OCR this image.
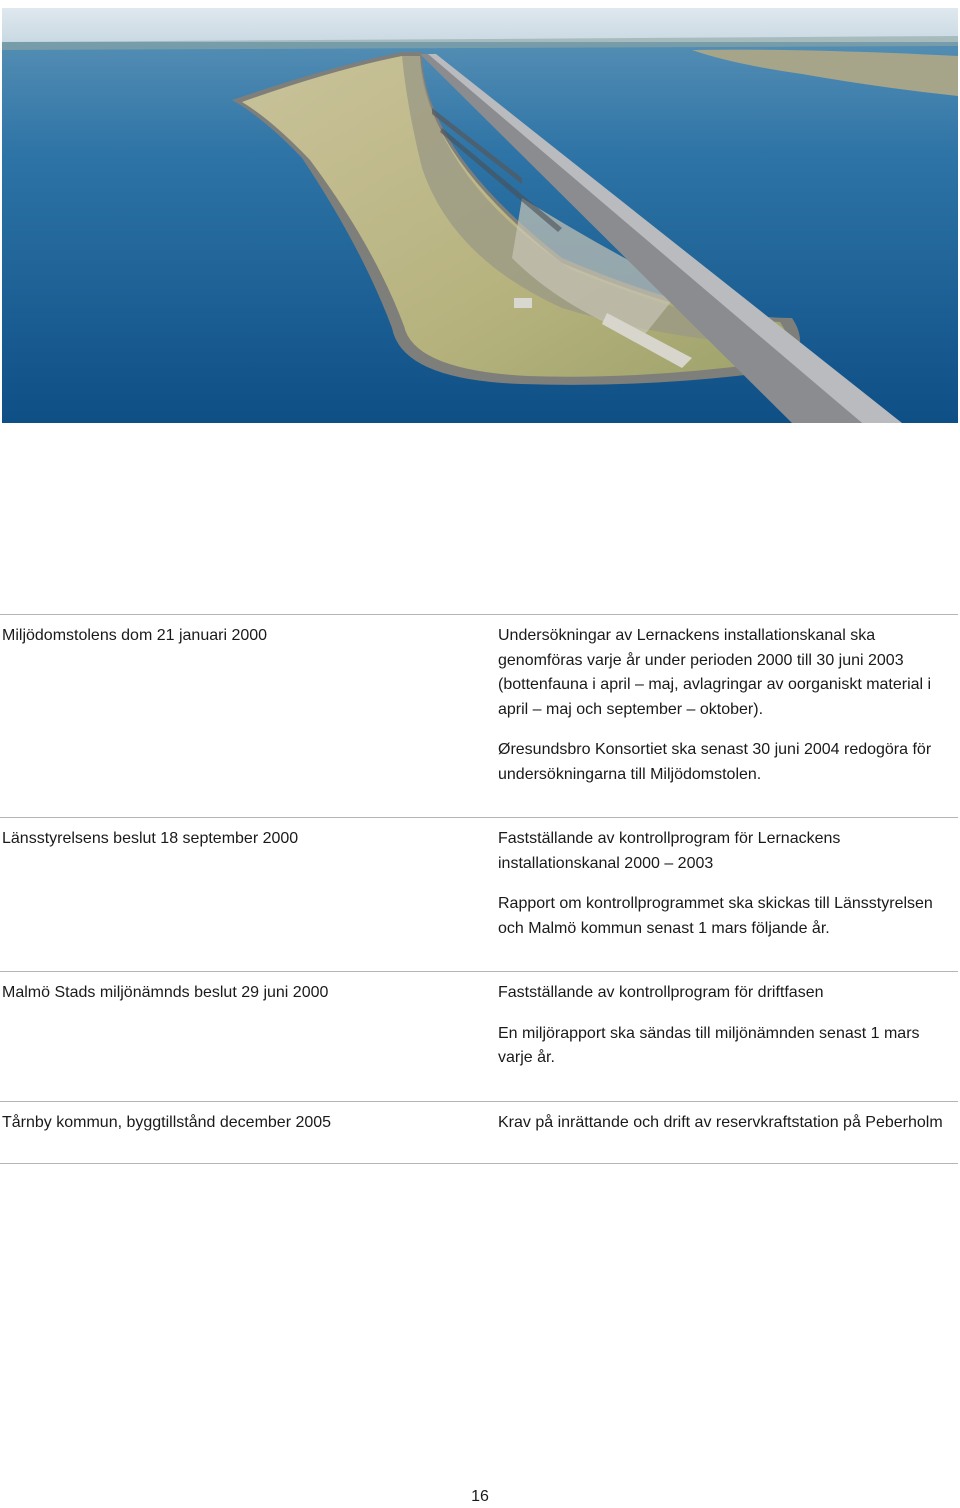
Miljödomstolens dom 21 januari 2000	Undersökningar av Lernackens installationskanal ska genomföras varje år under perioden 2000 till 30 juni 2003 (bottenfauna i april – maj, avlagringar av oorganiskt material i april – maj och september – oktober).
Øresundsbro Konsortiet ska senast 30 juni 2004 redogöra för undersökningarna till Miljödomstolen.
Länsstyrelsens beslut 18 september 2000	Fastställande av kontrollprogram för Lernackens installationskanal 2000 – 2003
Rapport om kontrollprogrammet ska skickas till Länsstyrelsen och Malmö kommun senast 1 mars följande år.
Malmö Stads miljönämnds beslut 29 juni 2000	Fastställande av kontrollprogram för driftfasen
En miljörapport ska sändas till miljönämnden senast 1 mars varje år.
Tårnby kommun, byggtillstånd december 2005	Krav på inrättande och drift av reservkraftstation på Peberholm
16
